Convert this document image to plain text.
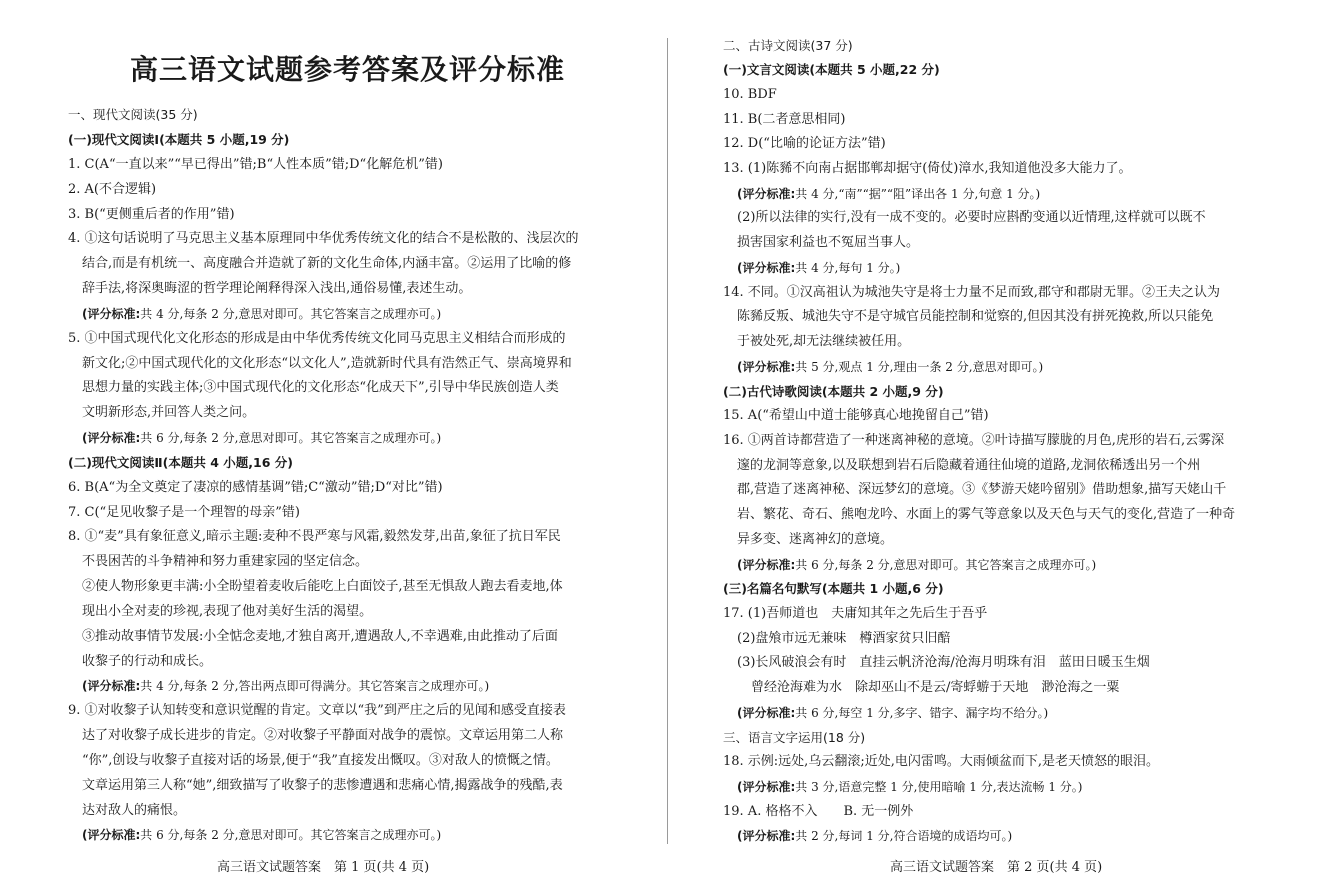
高三语文试题参考答案及评分标准
一、现代文阅读(35 分)
(一)现代文阅读Ⅰ(本题共 5 小题,19 分)
1. C(A“一直以来”“早已得出”错;B“人性本质”错;D“化解危机”错)
2. A(不合逻辑)
3. B(“更侧重后者的作用”错)
4. ①这句话说明了马克思主义基本原理同中华优秀传统文化的结合不是松散的、浅层次的
结合,而是有机统一、高度融合并造就了新的文化生命体,内涵丰富。②运用了比喻的修
辞手法,将深奥晦涩的哲学理论阐释得深入浅出,通俗易懂,表述生动。
(评分标准:共 4 分,每条 2 分,意思对即可。其它答案言之成理亦可。)
5. ①中国式现代化文化形态的形成是由中华优秀传统文化同马克思主义相结合而形成的
新文化;②中国式现代化的文化形态“以文化人”,造就新时代具有浩然正气、崇高境界和
思想力量的实践主体;③中国式现代化的文化形态“化成天下”,引导中华民族创造人类
文明新形态,并回答人类之问。
(评分标准:共 6 分,每条 2 分,意思对即可。其它答案言之成理亦可。)
(二)现代文阅读Ⅱ(本题共 4 小题,16 分)
6. B(A“为全文奠定了凄凉的感情基调”错;C“激动”错;D“对比”错)
7. C(“足见收黎子是一个理智的母亲”错)
8. ①“麦”具有象征意义,暗示主题:麦种不畏严寒与风霜,毅然发芽,出苗,象征了抗日军民
不畏困苦的斗争精神和努力重建家园的坚定信念。
②使人物形象更丰满:小全盼望着麦收后能吃上白面饺子,甚至无惧敌人跑去看麦地,体
现出小全对麦的珍视,表现了他对美好生活的渴望。
③推动故事情节发展:小全惦念麦地,才独自离开,遭遇敌人,不幸遇难,由此推动了后面
收黎子的行动和成长。
(评分标准:共 4 分,每条 2 分,答出两点即可得满分。其它答案言之成理亦可。)
9. ①对收黎子认知转变和意识觉醒的肯定。文章以“我”到严庄之后的见闻和感受直接表
达了对收黎子成长进步的肯定。②对收黎子平静面对战争的震惊。文章运用第二人称
“你”,创设与收黎子直接对话的场景,便于“我”直接发出慨叹。③对敌人的愤慨之情。
文章运用第三人称“她”,细致描写了收黎子的悲惨遭遇和悲痛心情,揭露战争的残酷,表
达对敌人的痛恨。
(评分标准:共 6 分,每条 2 分,意思对即可。其它答案言之成理亦可。)
二、古诗文阅读(37 分)
(一)文言文阅读(本题共 5 小题,22 分)
10. BDF
11. B(二者意思相同)
12. D(“比喻的论证方法”错)
13. (1)陈豨不向南占据邯郸却据守(倚仗)漳水,我知道他没多大能力了。
(评分标准:共 4 分,“南”“据”“阻”译出各 1 分,句意 1 分。)
(2)所以法律的实行,没有一成不变的。必要时应斟酌变通以近情理,这样就可以既不
损害国家利益也不冤屈当事人。
(评分标准:共 4 分,每句 1 分。)
14. 不同。①汉高祖认为城池失守是将士力量不足而致,郡守和郡尉无罪。②王夫之认为
陈豨反叛、城池失守不是守城官员能控制和觉察的,但因其没有拼死挽救,所以只能免
于被处死,却无法继续被任用。
(评分标准:共 5 分,观点 1 分,理由一条 2 分,意思对即可。)
(二)古代诗歌阅读(本题共 2 小题,9 分)
15. A(“希望山中道士能够真心地挽留自己”错)
16. ①两首诗都营造了一种迷离神秘的意境。②叶诗描写朦胧的月色,虎形的岩石,云雾深
邃的龙洞等意象,以及联想到岩石后隐藏着通往仙境的道路,龙洞依稀透出另一个州
郡,营造了迷离神秘、深远梦幻的意境。③《梦游天姥吟留别》借助想象,描写天姥山千
岩、繁花、奇石、熊咆龙吟、水面上的雾气等意象以及天色与天气的变化,营造了一种奇
异多变、迷离神幻的意境。
(评分标准:共 6 分,每条 2 分,意思对即可。其它答案言之成理亦可。)
(三)名篇名句默写(本题共 1 小题,6 分)
17. (1)吾师道也　夫庸知其年之先后生于吾乎
(2)盘飧市远无兼味　樽酒家贫只旧醅
(3)长风破浪会有时　直挂云帆济沧海/沧海月明珠有泪　蓝田日暖玉生烟
曾经沧海难为水　除却巫山不是云/寄蜉蝣于天地　渺沧海之一粟
(评分标准:共 6 分,每空 1 分,多字、错字、漏字均不给分。)
三、语言文字运用(18 分)
18. 示例:远处,乌云翻滚;近处,电闪雷鸣。大雨倾盆而下,是老天愤怒的眼泪。
(评分标准:共 3 分,语意完整 1 分,使用暗喻 1 分,表达流畅 1 分。)
19. A. 格格不入　　B. 无一例外
(评分标准:共 2 分,每词 1 分,符合语境的成语均可。)
高三语文试题答案　第 1 页(共 4 页)	高三语文试题答案　第 2 页(共 4 页)
